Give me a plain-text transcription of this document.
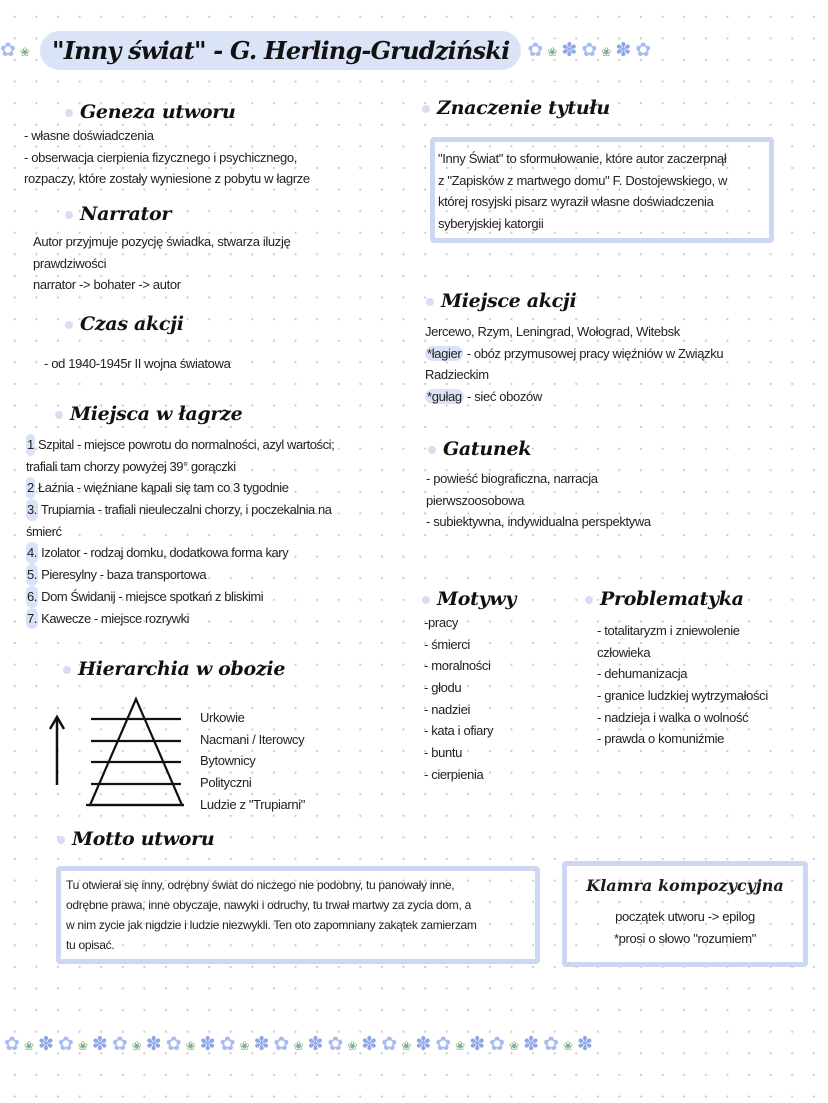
✿❀ "Inny świat" - G. Herling-Grudziński ✿❀✽✿❀✽✿
Geneza utworu
- własne doświadczenia
- obserwacja cierpienia fizycznego i psychicznego,
rozpaczy, które zostały wyniesione z pobytu w łagrze
Narrator
Autor przyjmuje pozycję świadka, stwarza iluzję
prawdziwości
narrator -> bohater -> autor
Czas akcji
- od 1940-1945r II wojna światowa
Miejsca w łagrze
1 Szpital - miejsce powrotu do normalności, azyl wartości;
trafiali tam chorzy powyżej 39° gorączki
2 Łaźnia - więźniane kąpali się tam co 3 tygodnie
3. Trupiarnia - trafiali nieuleczalni chorzy, i poczekalnia na
śmierć
4. Izolator - rodzaj domku, dodatkowa forma kary
5. Pieresylny - baza transportowa
6. Dom Świdanij - miejsce spotkań z bliskimi
7. Kawecze - miejsce rozrywki
Hierarchia w obozie
Urkowie
Nacmani / Iterowcy
Bytownicy
Polityczni
Ludzie z "Trupiarni"
Motto utworu
Tu otwierał się inny, odrębny świat do niczego nie podobny, tu panowały inne,
odrębne prawa, inne obyczaje, nawyki i odruchy, tu trwał martwy za zycia dom, a
w nim zycie jak nigdzie i ludzie niezwykli. Ten oto zapomniany zakątek zamierzam
tu opisać.
Znaczenie tytułu
"Inny Świat" to sformułowanie, które autor zaczerpnął
z "Zapisków z martwego domu" F. Dostojewskiego, w
której rosyjski pisarz wyraził własne doświadczenia
syberyjskiej katorgii
Miejsce akcji
Jercewo, Rzym, Leningrad, Wołograd, Witebsk
*łagier - obóz przymusowej pracy więźniów w Związku
Radzieckim
*gułag - sieć obozów
Gatunek
- powieść biograficzna, narracja
pierwszoosobowa
- subiektywna, indywidualna perspektywa
Motywy
-pracy
- śmierci
- moralności
- głodu
- nadziei
- kata i ofiary
- buntu
- cierpienia
Problematyka
- totalitaryzm i zniewolenie
człowieka
- dehumanizacja
- granice ludzkiej wytrzymałości
- nadzieja i walka o wolność
- prawda o komuniźmie
Klamra kompozycyjna
początek utworu -> epilog
*prosi o słowo "rozumiem"
✿❀✽✿❀✽✿❀✽✿❀✽✿❀✽✿❀✽✿❀✽✿❀✽✿❀✽✿❀✽✿❀✽
